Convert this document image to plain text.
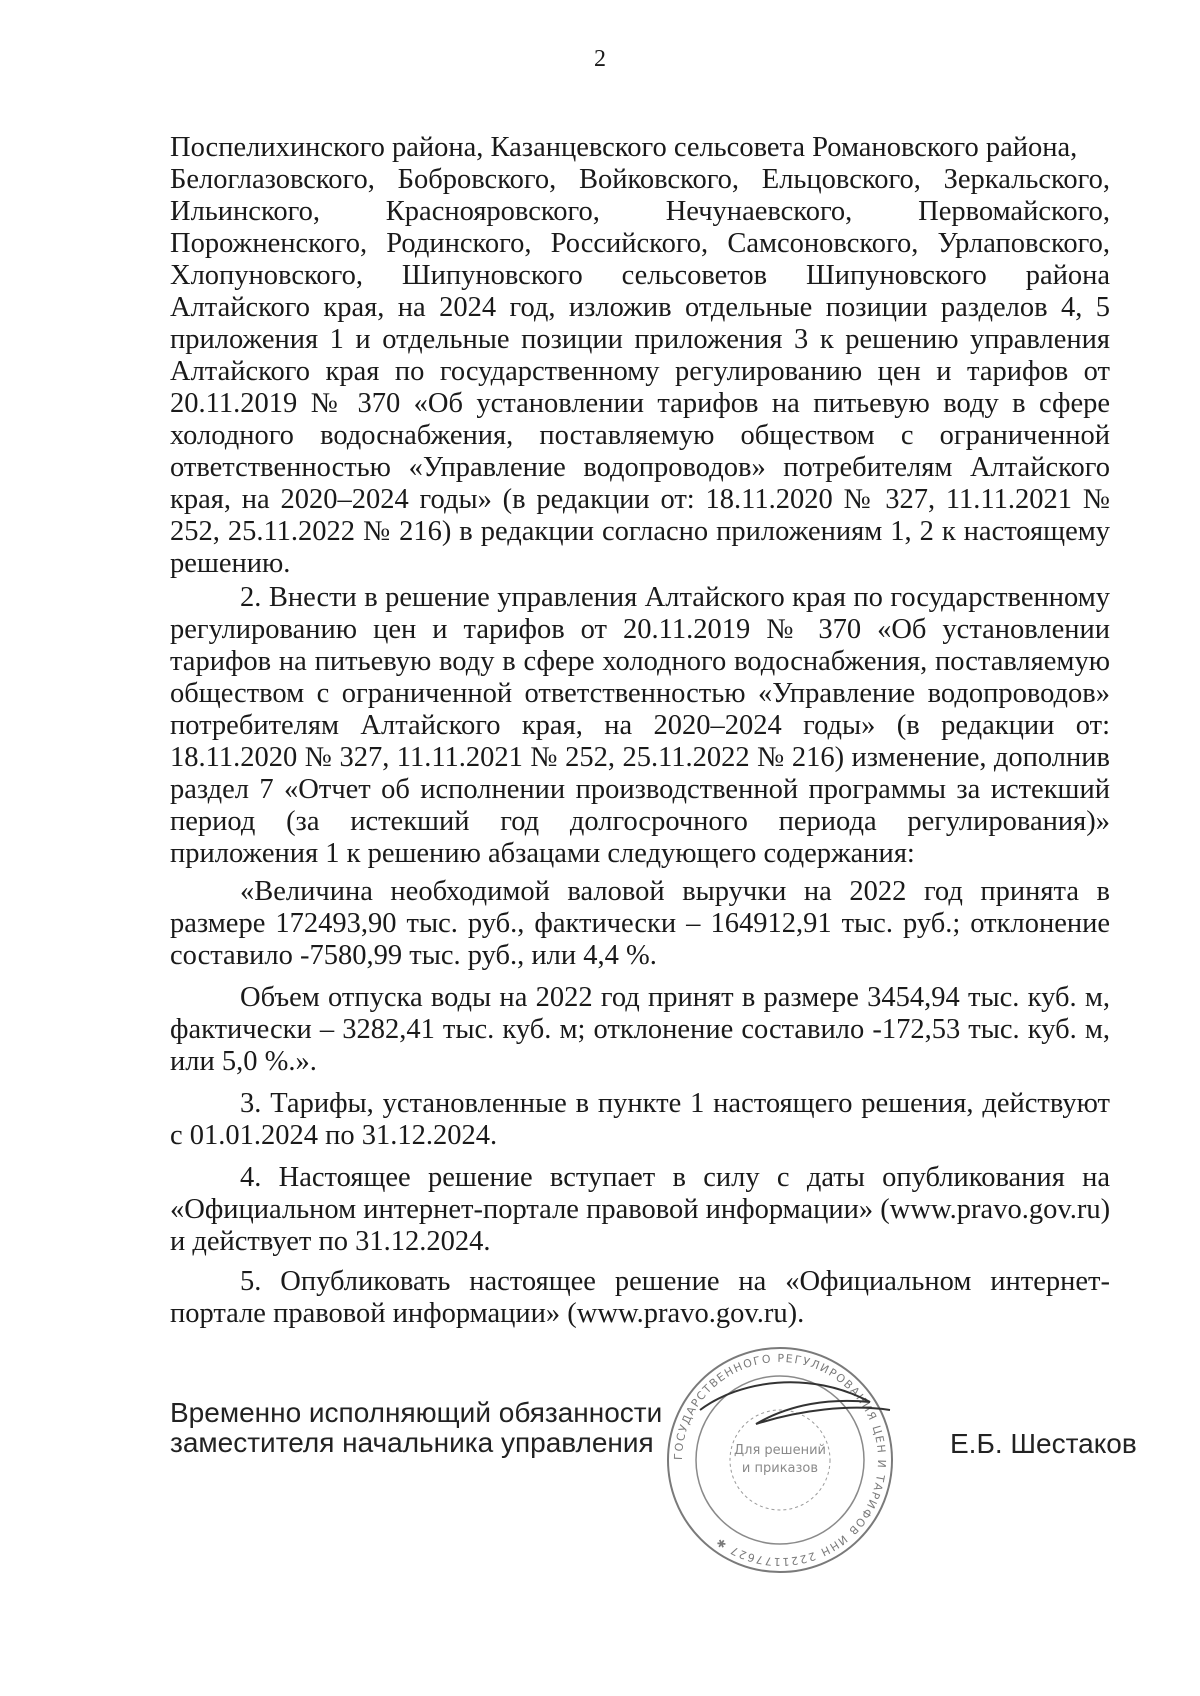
2
Поспелихинского района, Казанцевского сельсовета Романовского района,
Белоглазовского, Бобровского, Войковского, Ельцовского, Зеркальского,
Ильинского, Краснояровского, Нечунаевского, Первомайского,
Порожненского, Родинского, Российского, Самсоновского, Урлаповского,
Хлопуновского, Шипуновского сельсоветов Шипуновского района
Алтайского края, на 2024 год, изложив отдельные позиции разделов 4, 5
приложения 1 и отдельные позиции приложения 3 к решению управления
Алтайского края по государственному регулированию цен и тарифов от
20.11.2019 № 370 «Об установлении тарифов на питьевую воду в сфере
холодного водоснабжения, поставляемую обществом с ограниченной
ответственностью «Управление водопроводов» потребителям Алтайского
края, на 2020–2024 годы» (в редакции от: 18.11.2020 № 327, 11.11.2021 №
252, 25.11.2022 № 216) в редакции согласно приложениям 1, 2 к настоящему
решению.
2. Внести в решение управления Алтайского края по государственному
регулированию цен и тарифов от 20.11.2019 № 370 «Об установлении
тарифов на питьевую воду в сфере холодного водоснабжения, поставляемую
обществом с ограниченной ответственностью «Управление водопроводов»
потребителям Алтайского края, на 2020–2024 годы» (в редакции от:
18.11.2020 № 327, 11.11.2021 № 252, 25.11.2022 № 216) изменение, дополнив
раздел 7 «Отчет об исполнении производственной программы за истекший
период (за истекший год долгосрочного периода регулирования)»
приложения 1 к решению абзацами следующего содержания:
«Величина необходимой валовой выручки на 2022 год принята в
размере 172493,90 тыс. руб., фактически – 164912,91 тыс. руб.; отклонение
составило -7580,99 тыс. руб., или 4,4 %.
Объем отпуска воды на 2022 год принят в размере 3454,94 тыс. куб. м,
фактически – 3282,41 тыс. куб. м; отклонение составило -172,53 тыс. куб. м,
или 5,0 %.».
3. Тарифы, установленные в пункте 1 настоящего решения, действуют
с 01.01.2024 по 31.12.2024.
4. Настоящее решение вступает в силу с даты опубликования на
«Официальном интернет-портале правовой информации» (www.pravo.gov.ru)
и действует по 31.12.2024.
5. Опубликовать настоящее решение на «Официальном интернет-
портале правовой информации» (www.pravo.gov.ru).
Временно исполняющий обязанности
заместителя начальника управления ГОСУДАРСТВЕННОГО РЕГУЛИРОВАНИЯ ЦЕН И ТАРИФОВ ИНН 2221177627 ✱
Для решений
и приказов
Е.Б. Шестаков
